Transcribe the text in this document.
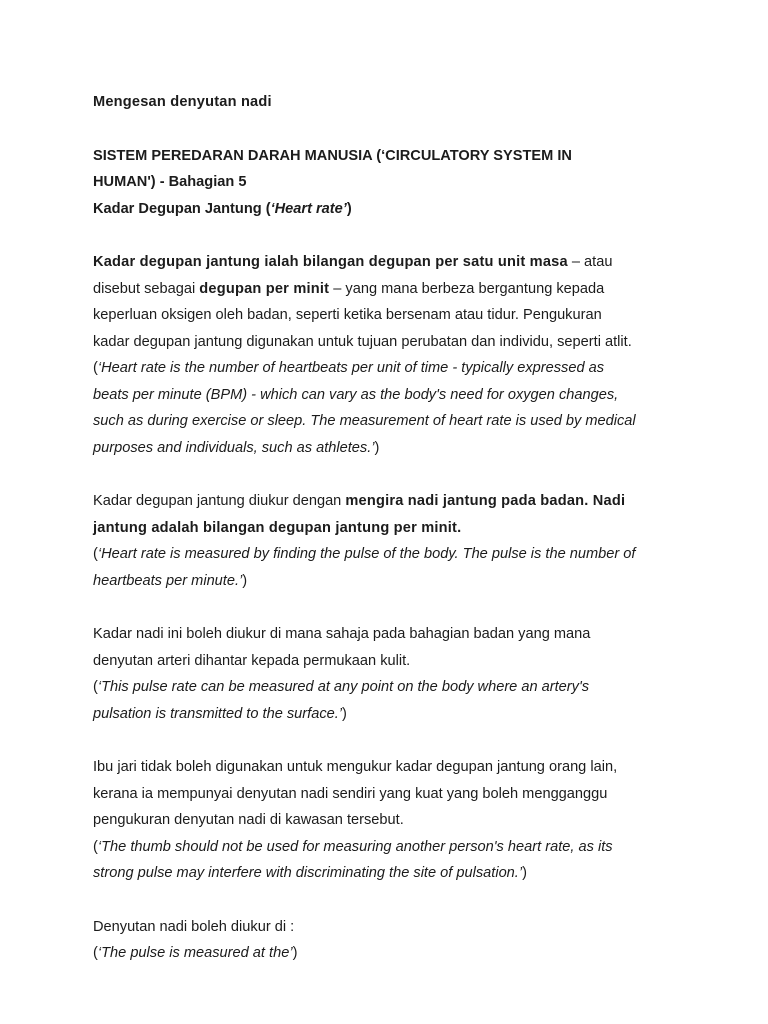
Mengesan denyutan nadi
SISTEM PEREDARAN DARAH MANUSIA (‘CIRCULATORY SYSTEM IN
HUMAN') - Bahagian 5
Kadar Degupan Jantung (‘Heart rate’)
Kadar degupan jantung ialah bilangan degupan per satu unit masa – atau
disebut sebagai degupan per minit – yang mana berbeza bergantung kepada
keperluan oksigen oleh badan, seperti ketika bersenam atau tidur. Pengukuran
kadar degupan jantung digunakan untuk tujuan perubatan dan individu, seperti atlit.
(‘Heart rate is the number of heartbeats per unit of time - typically expressed as
beats per minute (BPM) - which can vary as the body's need for oxygen changes,
such as during exercise or sleep. The measurement of heart rate is used by medical
purposes and individuals, such as athletes.’)
Kadar degupan jantung diukur dengan mengira nadi jantung pada badan. Nadi
jantung adalah bilangan degupan jantung per minit.
(‘Heart rate is measured by finding the pulse of the body. The pulse is the number of
heartbeats per minute.’)
Kadar nadi ini boleh diukur di mana sahaja pada bahagian badan yang mana
denyutan arteri dihantar kepada permukaan kulit.
(‘This pulse rate can be measured at any point on the body where an artery's
pulsation is transmitted to the surface.’)
Ibu jari tidak boleh digunakan untuk mengukur kadar degupan jantung orang lain,
kerana ia mempunyai denyutan nadi sendiri yang kuat yang boleh mengganggu
pengukuran denyutan nadi di kawasan tersebut.
(‘The thumb should not be used for measuring another person's heart rate, as its
strong pulse may interfere with discriminating the site of pulsation.’)
Denyutan nadi boleh diukur di :
(‘The pulse is measured at the’)
